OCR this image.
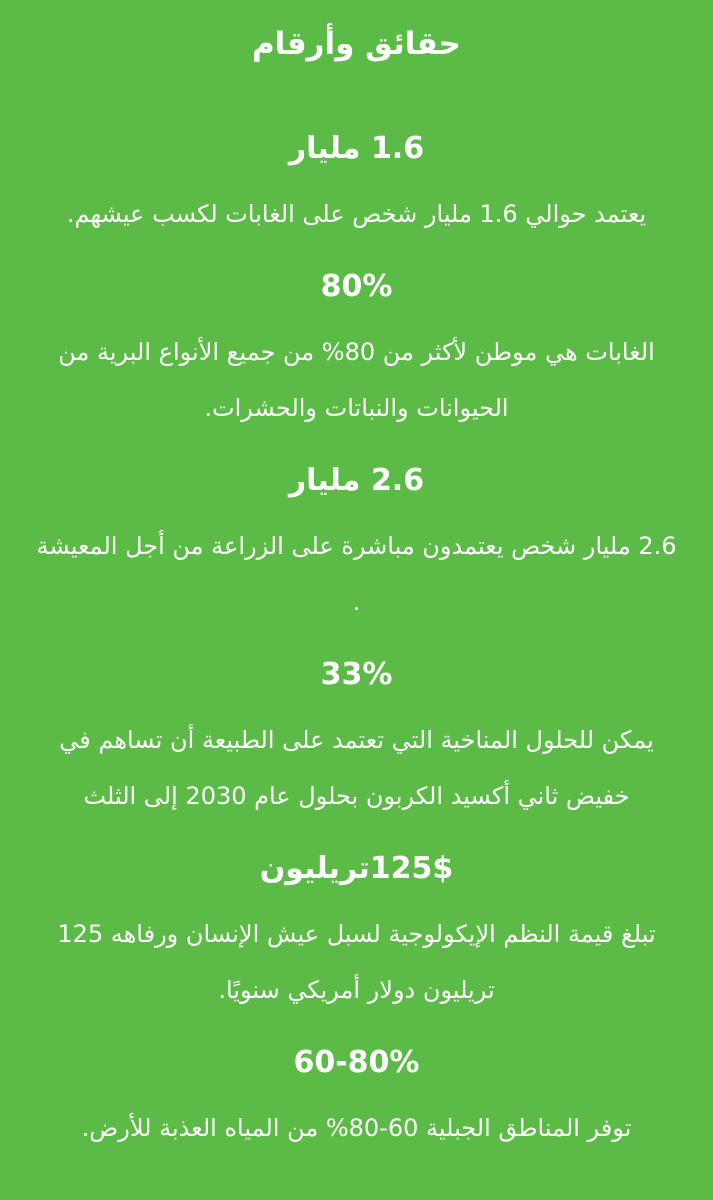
حقائق وأرقام
1.6 مليار

يعتمد حوالي 1.6 مليار شخص على الغابات لكسب عيشهم.

80%

الغابات هي موطن لأكثر من 80% من جميع الأنواع البرية من الحيوانات والنباتات والحشرات.

2.6 مليار

2.6 مليار شخص يعتمدون مباشرة على الزراعة من أجل المعيشة .

33%

يمكن للحلول المناخية التي تعتمد على الطبيعة أن تساهم في خفيض ثاني أكسيد الكربون بحلول عام 2030 إلى الثلث

125$تريليون

تبلغ قيمة النظم الإيكولوجية لسبل عيش الإنسان ورفاهه 125 تريليون دولار أمريكي سنويًا.

60-80%

توفر المناطق الجبلية 60-80% من المياه العذبة للأرض.
